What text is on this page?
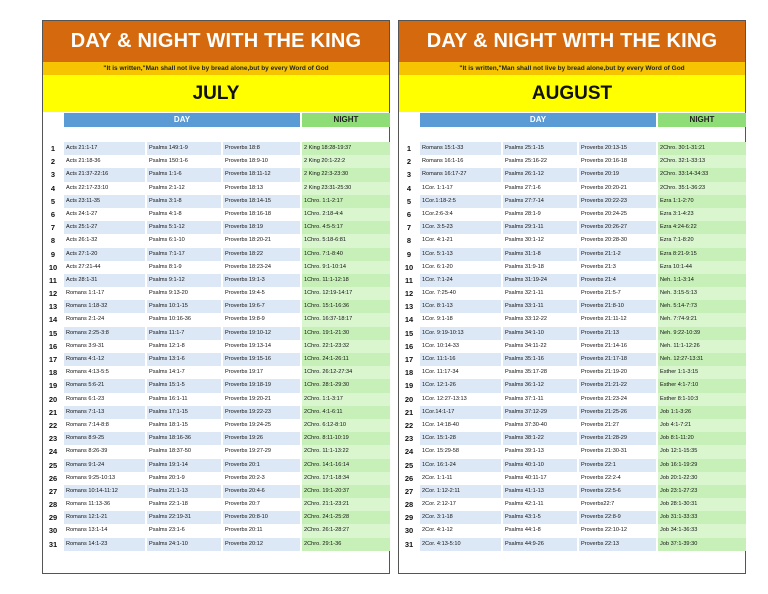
DAY & NIGHT WITH THE KING
"It is written,"Man shall not live by bread alone,but by every Word of God
JULY
DAY	NIGHT
1	Acts 21:1-17	Psalms 149:1-9	Proverbs 18:8	2 King 18:28-19:37
2	Acts 21:18-36	Psalms 150:1-6	Proverbs 18:9-10	2 King 20:1-22:2
3	Acts 21:37-22:16	Psalms 1:1-6	Proverbs 18:11-12	2 King 22:3-23:30
4	Acts 22:17-23:10	Psalms 2:1-12	Proverbs 18:13	2 King 23:31-25:30
5	Acts 23:11-35	Psalms 3:1-8	Proverbs 18:14-15	1Chro. 1:1-2:17
6	Acts 24:1-27	Psalms 4:1-8	Proverbs 18:16-18	1Chro. 2:18-4:4
7	Acts 25:1-27	Psalms 5:1-12	Proverbs 18:19	1Chro. 4:5-5:17
8	Acts 26:1-32	Psalms 6:1-10	Proverbs 18:20-21	1Chro. 5:18-6:81
9	Acts 27:1-20	Psalms 7:1-17	Proverbs 18:22	1Chro. 7:1-8:40
10	Acts 27:21-44	Psalms 8:1-9	Proverbs 18:23-24	1Chro. 9:1-10:14
11	Acts 28:1-31	Psalms 9:1-12	Proverbs 19:1-3	1Chro. 11:1-12:18
12	Romans 1:1-17	Psalms 9:13-20	Proverbs 19:4-5	1Chro. 12:19-14:17
13	Romans 1:18-32	Psalms 10:1-15	Proverbs 19:6-7	1Chro. 15:1-16:36
14	Romans 2:1-24	Psalms 10:16-36	Proverbs 19:8-9	1Chro. 16:37-18:17
15	Romans 2:25-3:8	Psalms 11:1-7	Proverbs 19:10-12	1Chro. 19:1-21:30
16	Romans 3:9-31	Psalms 12:1-8	Proverbs 19:13-14	1Chro. 22:1-23:32
17	Romans 4:1-12	Psalms 13:1-6	Proverbs 19:15-16	1Chro. 24:1-26:11
18	Romans 4:13-5:5	Psalms 14:1-7	Proverbs 19:17	1Chro. 26:12-27:34
19	Romans 5:6-21	Psalms 15:1-5	Proverbs 19:18-19	1Chro. 28:1-29:30
20	Romans 6:1-23	Psalms 16:1-11	Proverbs 19:20-21	2Chro. 1:1-3:17
21	Romans 7:1-13	Psalms 17:1-15	Proverbs 19:22-23	2Chro. 4:1-6:11
22	Romans 7:14-8:8	Psalms 18:1-15	Proverbs 19:24-25	2Chro. 6:12-8:10
23	Romans 8:9-25	Psalms 18:16-36	Proverbs 19:26	2Chro. 8:11-10:19
24	Romans 8:26-39	Psalms 18:37-50	Proverbs 19:27-29	2Chro. 11:1-13:22
25	Romans 9:1-24	Psalms 19:1-14	Proverbs 20:1	2Chro. 14:1-16:14
26	Romans 9:25-10:13	Psalms 20:1-9	Proverbs 20:2-3	2Chro. 17:1-18:34
27	Romans 10:14-11:12	Psalms 21:1-13	Proverbs 20:4-6	2Chro. 19:1-20:37
28	Romans 11:13-36	Psalms 22:1-18	Proverbs 20:7	2Chro. 21:1-23:21
29	Romans 12:1-21	Psalms 22:19-31	Proverbs 20:8-10	2Chro. 24:1-25:28
30	Romans 13:1-14	Psalms 23:1-6	Proverbs 20:11	2Chro. 26:1-28:27
31	Romans 14:1-23	Psalms 24:1-10	Proverbs 20:12	2Chro. 29:1-36
DAY & NIGHT WITH THE KING
"It is written,"Man shall not live by bread alone,but by every Word of God
AUGUST
DAY	NIGHT
1	Romans 15:1-33	Psalms 25:1-15	Proverbs 20:13-15	2Chro. 30:1-31:21
2	Romans 16:1-16	Psalms 25:16-22	Proverbs 20:16-18	2Chro. 32:1-33:13
3	Romans 16:17-27	Psalms 26:1-12	Proverbs 20:19	2Chro. 33:14-34:33
4	1Cor. 1:1-17	Psalms 27:1-6	Proverbs 20:20-21	2Chro. 35:1-36:23
5	1Cor.1:18-2:5	Psalms 27:7-14	Proverbs 20:22-23	Ezra 1:1-2:70
6	1Cor.2:6-3:4	Psalms 28:1-9	Proverbs 20:24-25	Ezra 3:1-4:23
7	1Cor. 3:5-23	Psalms 29:1-11	Proverbs 20:26-27	Ezra 4:24-6:22
8	1Cor. 4:1-21	Psalms 30:1-12	Proverbs 20:28-30	Ezra 7:1-8:20
9	1Cor. 5:1-13	Psalms 31:1-8	Proverbs 21:1-2	Ezra 8:21-9:15
10	1Cor. 6:1-20	Psalms 31:9-18	Proverbs 21:3	Ezra 10:1-44
11	1Cor. 7:1-24	Psalms 31:19-24	Proverbs 21:4	Neh. 1:1-3:14
12	1Cor. 7:25-40	Psalms 32:1-11	Proverbs 21:5-7	Neh. 3:15-5:13
13	1Cor. 8:1-13	Psalms 33:1-11	Proverbs 21:8-10	Neh. 5:14-7:73
14	1Cor. 9:1-18	Psalms 33:12-22	Proverbs 21:11-12	Neh. 7:74-9:21
15	1Cor. 9:19-10:13	Psalms 34:1-10	Proverbs 21:13	Neh. 9:22-10:39
16	1Cor. 10:14-33	Psalms 34:11-22	Proverbs 21:14-16	Neh. 11:1-12:26
17	1Cor. 11:1-16	Psalms 35:1-16	Proverbs 21:17-18	Neh. 12:27-13:31
18	1Cor. 11:17-34	Psalms 35:17-28	Proverbs 21:19-20	Esther 1:1-3:15
19	1Cor. 12:1-26	Psalms 36:1-12	Proverbs 21:21-22	Esther 4:1-7:10
20	1Cor. 12:27-13:13	Psalms 37:1-11	Proverbs 21:23-24	Esther 8:1-10:3
21	1Cor.14:1-17	Psalms 37:12-29	Proverbs 21:25-26	Job 1:1-3:26
22	1Cor. 14:18-40	Psalms 37:30-40	Proverbs 21:27	Job 4:1-7:21
23	1Cor. 15:1-28	Psalms 38:1-22	Proverbs 21:28-29	Job 8:1-11:20
24	1Cor. 15:29-58	Psalms 39:1-13	Proverbs 21:30-31	Job 12:1-15:35
25	1Cor. 16:1-24	Psalms 40:1-10	Proverbs 22:1	Job 16:1-19:29
26	2Cor. 1:1-11	Psalms 40:11-17	Proverbs 22:2-4	Job 20:1-22:30
27	2Cor. 1:12-2:11	Psalms 41:1-13	Proverbs 22:5-6	Job 23:1-27:23
28	2Cor. 2:12-17	Psalms 42:1-11	Proverbs22:7	Job 28:1-30:31
29	2Cor. 3:1-18	Psalms 43:1-5	Proverbs 22:8-9	Job 31:1-33:33
30	2Cor. 4:1-12	Psalms 44:1-8	Proverbs 22:10-12	Job 34:1-36:33
31	2Cor. 4:13-5:10	Psalms 44:9-26	Proverbs 22:13	Job 37:1-39:30
